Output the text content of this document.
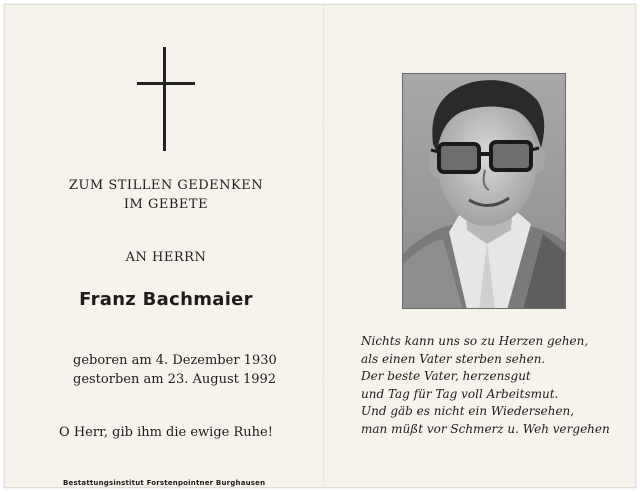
ZUM STILLEN GEDENKEN
IM GEBETE
AN HERRN
Franz Bachmaier
geboren am 4. Dezember 1930
gestorben am 23. August 1992
O Herr, gib ihm die ewige Ruhe!
Bestattungsinstitut Forstenpointner Burghausen
Nichts kann uns so zu Herzen gehen,
als einen Vater sterben sehen.
Der beste Vater, herzensgut
und Tag für Tag voll Arbeitsmut.
Und gäb es nicht ein Wiedersehen,
man müßt vor Schmerz u. Weh vergehen
